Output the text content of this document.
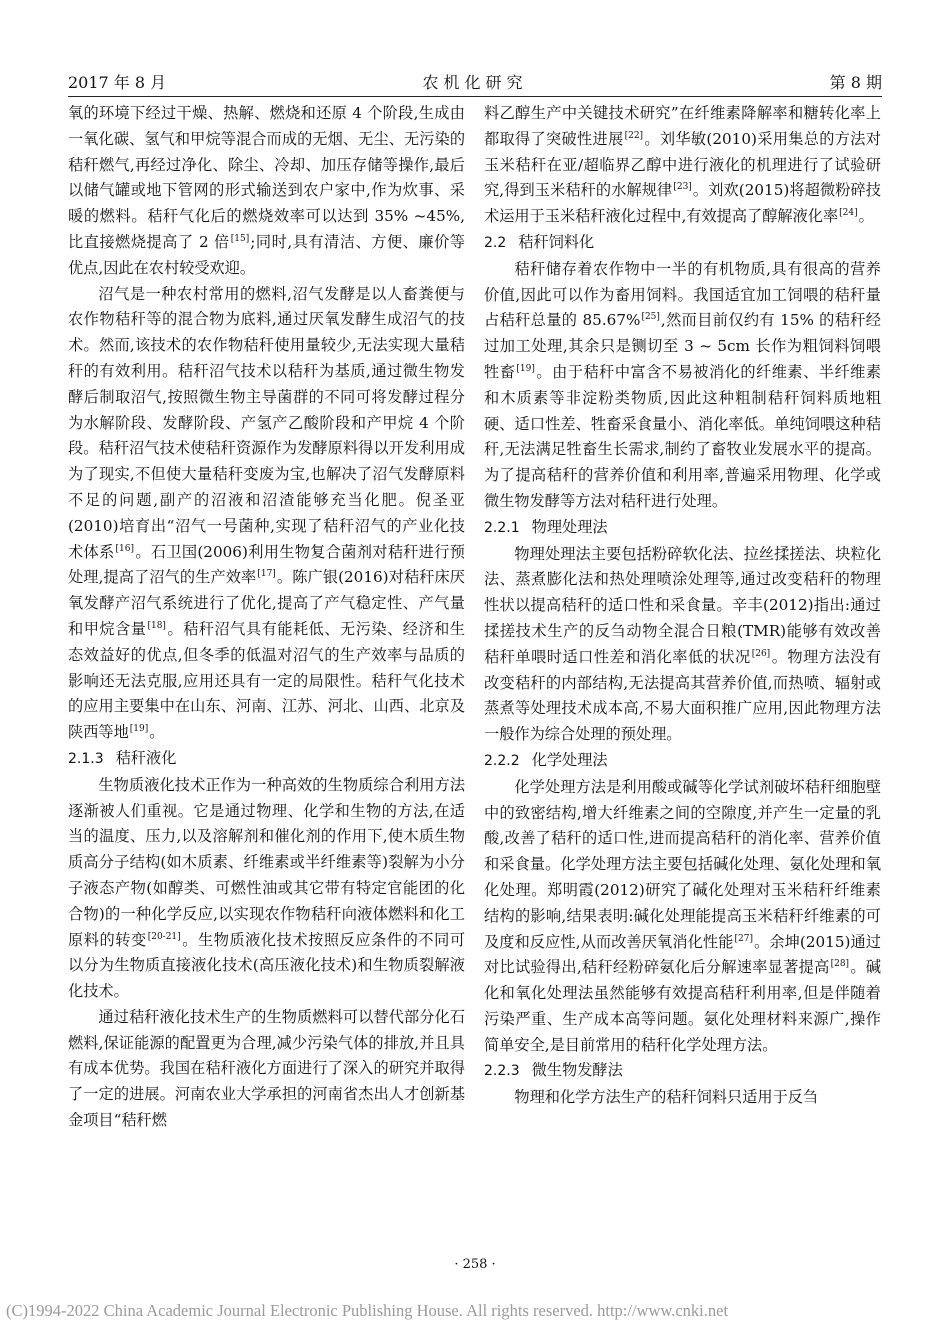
2017 年 8 月	农机化研究	第 8 期

氧的环境下经过干燥、热解、燃烧和还原 4 个阶段,生成由一氧化碳、氢气和甲烷等混合而成的无烟、无尘、无污染的秸秆燃气,再经过净化、除尘、冷却、加压存储等操作,最后以储气罐或地下管网的形式输送到农户家中,作为炊事、采暖的燃料。秸秆气化后的燃烧效率可以达到 35% ~45%,比直接燃烧提高了 2 倍[15];同时,具有清洁、方便、廉价等优点,因此在农村较受欢迎。

沼气是一种农村常用的燃料,沼气发酵是以人畜粪便与农作物秸秆等的混合物为底料,通过厌氧发酵生成沼气的技术。然而,该技术的农作物秸秆使用量较少,无法实现大量秸秆的有效利用。秸秆沼气技术以秸秆为基质,通过微生物发酵后制取沼气,按照微生物主导菌群的不同可将发酵过程分为水解阶段、发酵阶段、产氢产乙酸阶段和产甲烷 4 个阶段。秸秆沼气技术使秸秆资源作为发酵原料得以开发利用成为了现实,不但使大量秸秆变废为宝,也解决了沼气发酵原料不足的问题,副产的沼液和沼渣能够充当化肥。倪圣亚(2010)培育出“沼气一号菌种,实现了秸秆沼气的产业化技术体系[16]。石卫国(2006)利用生物复合菌剂对秸秆进行预处理,提高了沼气的生产效率[17]。陈广银(2016)对秸秆床厌氧发酵产沼气系统进行了优化,提高了产气稳定性、产气量和甲烷含量[18]。秸秆沼气具有能耗低、无污染、经济和生态效益好的优点,但冬季的低温对沼气的生产效率与品质的影响还无法克服,应用还具有一定的局限性。秸秆气化技术的应用主要集中在山东、河南、江苏、河北、山西、北京及陕西等地[19]。

2.1.3 秸秆液化

生物质液化技术正作为一种高效的生物质综合利用方法逐渐被人们重视。它是通过物理、化学和生物的方法,在适当的温度、压力,以及溶解剂和催化剂的作用下,使木质生物质高分子结构(如木质素、纤维素或半纤维素等)裂解为小分子液态产物(如醇类、可燃性油或其它带有特定官能团的化合物)的一种化学反应,以实现农作物秸秆向液体燃料和化工原料的转变[20-21]。生物质液化技术按照反应条件的不同可以分为生物质直接液化技术(高压液化技术)和生物质裂解液化技术。

通过秸秆液化技术生产的生物质燃料可以替代部分化石燃料,保证能源的配置更为合理,减少污染气体的排放,并且具有成本优势。我国在秸秆液化方面进行了深入的研究并取得了一定的进展。河南农业大学承担的河南省杰出人才创新基金项目“秸秆燃

料乙醇生产中关键技术研究”在纤维素降解率和糖转化率上都取得了突破性进展[22]。刘华敏(2010)采用集总的方法对玉米秸秆在亚/超临界乙醇中进行液化的机理进行了试验研究,得到玉米秸秆的水解规律[23]。刘欢(2015)将超微粉碎技术运用于玉米秸秆液化过程中,有效提高了醇解液化率[24]。

2.2 秸秆饲料化

秸秆储存着农作物中一半的有机物质,具有很高的营养价值,因此可以作为畜用饲料。我国适宜加工饲喂的秸秆量占秸秆总量的 85.67%[25],然而目前仅约有 15% 的秸秆经过加工处理,其余只是铡切至 3 ~ 5cm 长作为粗饲料饲喂牲畜[19]。由于秸秆中富含不易被消化的纤维素、半纤维素和木质素等非淀粉类物质,因此这种粗制秸秆饲料质地粗硬、适口性差、牲畜采食量小、消化率低。单纯饲喂这种秸秆,无法满足牲畜生长需求,制约了畜牧业发展水平的提高。为了提高秸秆的营养价值和利用率,普遍采用物理、化学或微生物发酵等方法对秸秆进行处理。

2.2.1 物理处理法

物理处理法主要包括粉碎软化法、拉丝揉搓法、块粒化法、蒸煮膨化法和热处理喷涂处理等,通过改变秸秆的物理性状以提高秸秆的适口性和采食量。辛丰(2012)指出:通过揉搓技术生产的反刍动物全混合日粮(TMR)能够有效改善秸秆单喂时适口性差和消化率低的状况[26]。物理方法没有改变秸秆的内部结构,无法提高其营养价值,而热喷、辐射或蒸煮等处理技术成本高,不易大面积推广应用,因此物理方法一般作为综合处理的预处理。

2.2.2 化学处理法

化学处理方法是利用酸或碱等化学试剂破坏秸秆细胞壁中的致密结构,增大纤维素之间的空隙度,并产生一定量的乳酸,改善了秸秆的适口性,进而提高秸秆的消化率、营养价值和采食量。化学处理方法主要包括碱化处理、氨化处理和氧化处理。郑明霞(2012)研究了碱化处理对玉米秸秆纤维素结构的影响,结果表明:碱化处理能提高玉米秸秆纤维素的可及度和反应性,从而改善厌氧消化性能[27]。余坤(2015)通过对比试验得出,秸秆经粉碎氨化后分解速率显著提高[28]。碱化和氧化处理法虽然能够有效提高秸秆利用率,但是伴随着污染严重、生产成本高等问题。氨化处理材料来源广,操作简单安全,是目前常用的秸秆化学处理方法。

2.2.3 微生物发酵法

物理和化学方法生产的秸秆饲料只适用于反刍

· 258 ·
(C)1994-2022 China Academic Journal Electronic Publishing House. All rights reserved. http://www.cnki.net
